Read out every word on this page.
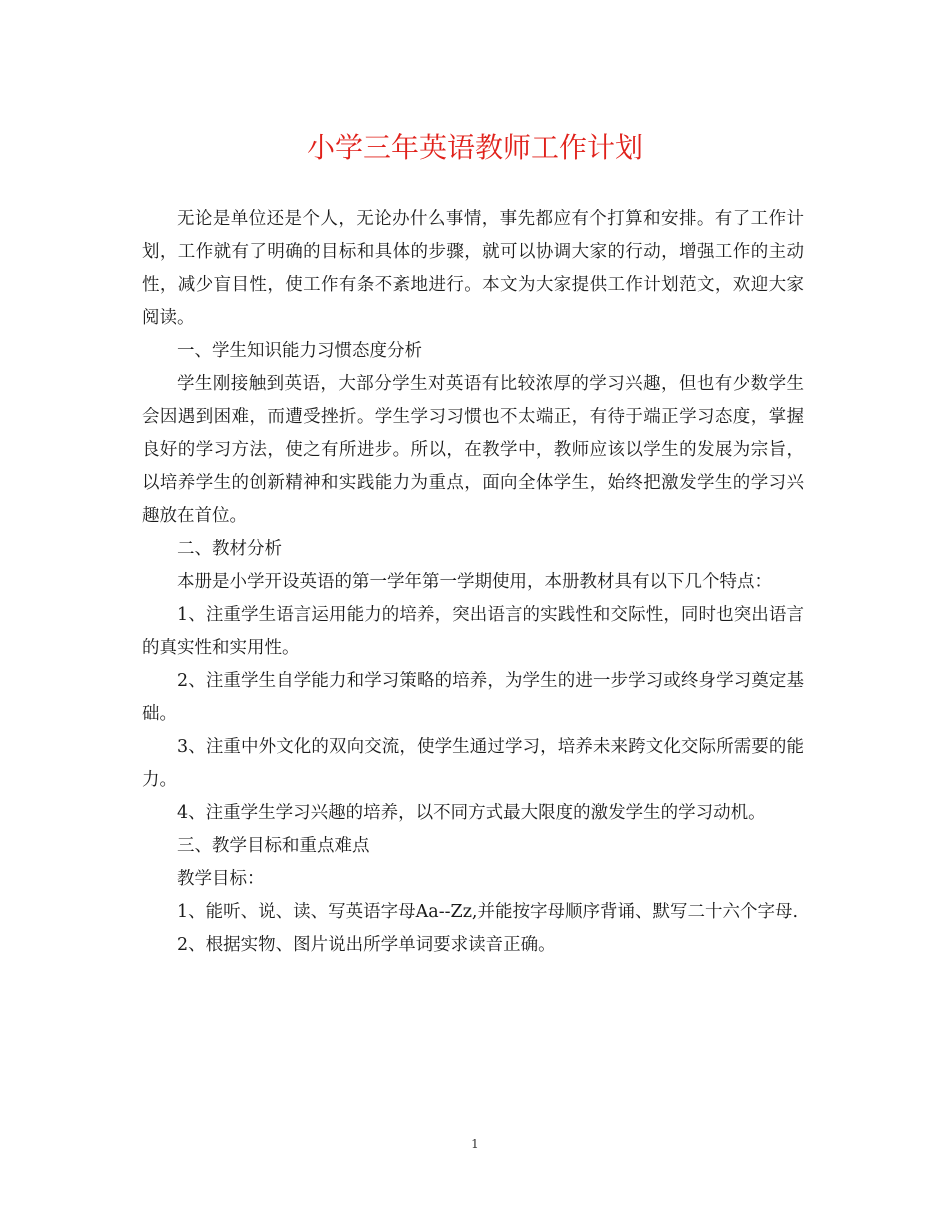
小学三年英语教师工作计划

无论是单位还是个人，无论办什么事情，事先都应有个打算和安排。有了工作计划，工作就有了明确的目标和具体的步骤，就可以协调大家的行动，增强工作的主动性，减少盲目性，使工作有条不紊地进行。本文为大家提供工作计划范文，欢迎大家阅读。

一、学生知识能力习惯态度分析

学生刚接触到英语，大部分学生对英语有比较浓厚的学习兴趣，但也有少数学生会因遇到困难，而遭受挫折。学生学习习惯也不太端正，有待于端正学习态度，掌握良好的学习方法，使之有所进步。所以，在教学中，教师应该以学生的发展为宗旨，以培养学生的创新精神和实践能力为重点，面向全体学生，始终把激发学生的学习兴趣放在首位。

二、教材分析

本册是小学开设英语的第一学年第一学期使用，本册教材具有以下几个特点：

1、注重学生语言运用能力的培养，突出语言的实践性和交际性，同时也突出语言的真实性和实用性。

2、注重学生自学能力和学习策略的培养，为学生的进一步学习或终身学习奠定基础。

3、注重中外文化的双向交流，使学生通过学习，培养未来跨文化交际所需要的能力。

4、注重学生学习兴趣的培养，以不同方式最大限度的激发学生的学习动机。

三、教学目标和重点难点

教学目标：

1、能听、说、读、写英语字母Aa--Zz,并能按字母顺序背诵、默写二十六个字母.

2、根据实物、图片说出所学单词要求读音正确。

1
